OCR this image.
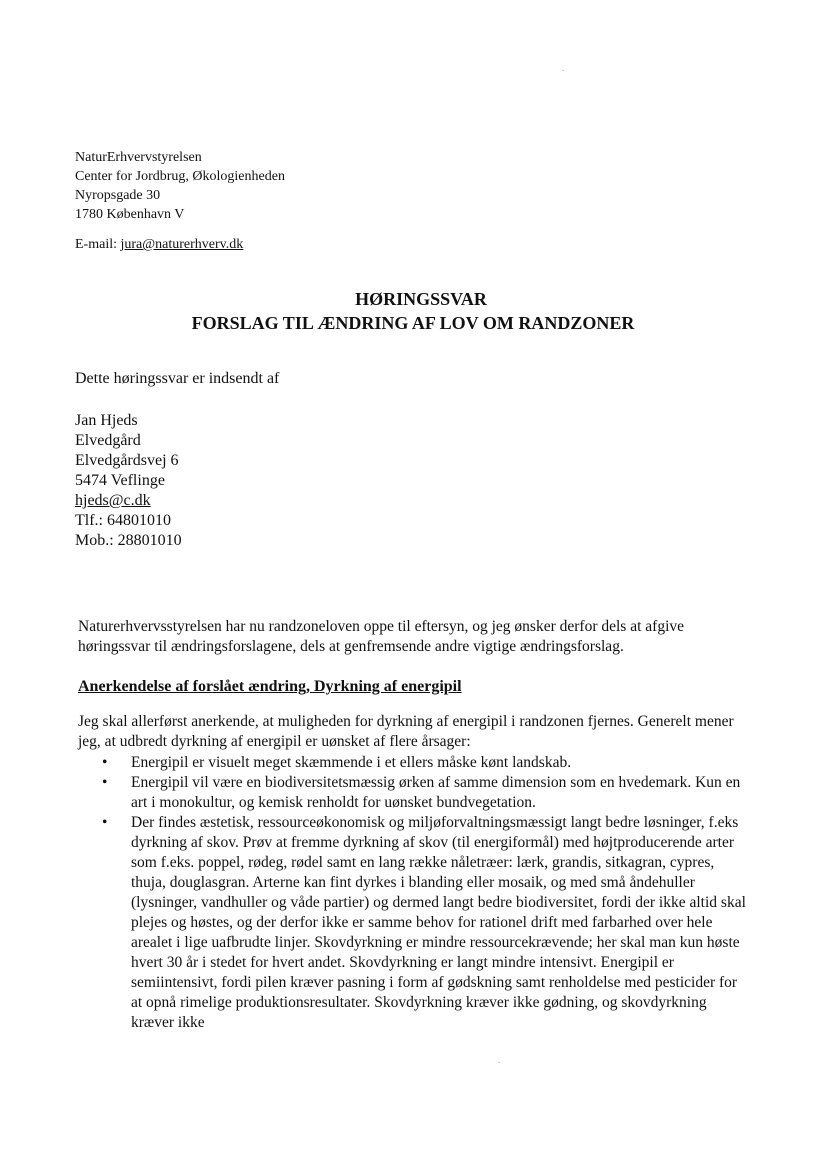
NaturErhvervstyrelsen
Center for Jordbrug, Økologienheden
Nyropsgade 30
1780 København V
E-mail: jura@naturerhverv.dk
HØRINGSSVAR
FORSLAG TIL ÆNDRING AF LOV OM RANDZONER
Dette høringssvar er indsendt af
Jan Hjeds
Elvedgård
Elvedgårdsvej 6
5474 Veflinge
hjeds@c.dk
Tlf.: 64801010
Mob.: 28801010
Naturerhvervsstyrelsen har nu randzoneloven oppe til eftersyn, og jeg ønsker derfor dels at afgive høringssvar til ændringsforslagene, dels at genfremsende andre vigtige ændringsforslag.
Anerkendelse af forslået ændring, Dyrkning af energipil
Jeg skal allerførst anerkende, at muligheden for dyrkning af energipil i randzonen fjernes. Generelt mener jeg, at udbredt dyrkning af energipil er uønsket af flere årsager:
• Energipil er visuelt meget skæmmende i et ellers måske kønt landskab.
• Energipil vil være en biodiversitetsmæssig ørken af samme dimension som en hvedemark. Kun en art i monokultur, og kemisk renholdt for uønsket bundvegetation.
• Der findes æstetisk, ressourceøkonomisk og miljøforvaltningsmæssigt langt bedre løsninger, f.eks dyrkning af skov. Prøv at fremme dyrkning af skov (til energiformål) med højtproducerende arter som f.eks. poppel, rødeg, rødel samt en lang række nåletræer: lærk, grandis, sitkagran, cypres, thuja, douglasgran. Arterne kan fint dyrkes i blanding eller mosaik, og med små åndehuller (lysninger, vandhuller og våde partier) og dermed langt bedre biodiversitet, fordi der ikke altid skal plejes og høstes, og der derfor ikke er samme behov for rationel drift med farbarhed over hele arealet i lige uafbrudte linjer. Skovdyrkning er mindre ressourcekrævende; her skal man kun høste hvert 30 år i stedet for hvert andet. Skovdyrkning er langt mindre intensivt. Energipil er semiintensivt, fordi pilen kræver pasning i form af gødskning samt renholdelse med pesticider for at opnå rimelige produktionsresultater. Skovdyrkning kræver ikke gødning, og skovdyrkning kræver ikke
